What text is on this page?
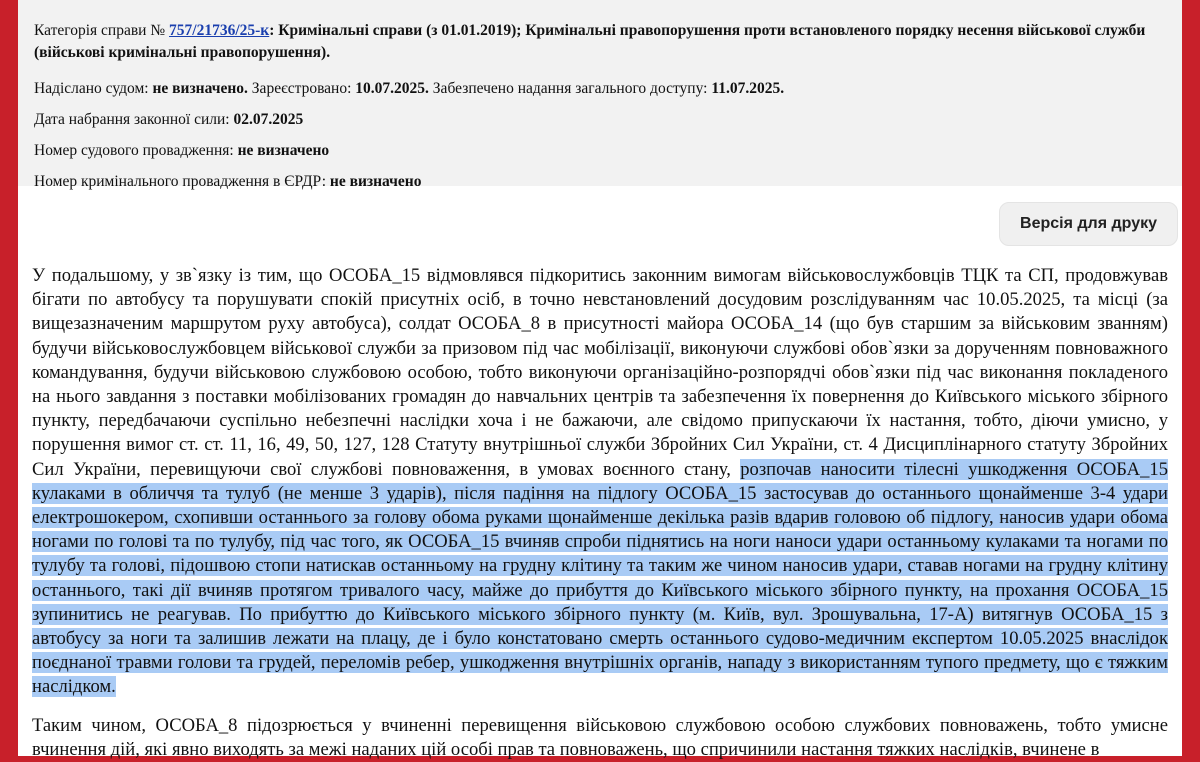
Категорія справи № 757/21736/25-к: Кримінальні справи (з 01.01.2019); Кримінальні правопорушення проти встановленого порядку несення військової служби (військові кримінальні правопорушення).

Надіслано судом: не визначено. Зареєстровано: 10.07.2025. Забезпечено надання загального доступу: 11.07.2025.

Дата набрання законної сили: 02.07.2025

Номер судового провадження: не визначено

Номер кримінального провадження в ЄРДР: не визначено

Версія для друку

У подальшому, у зв`язку із тим, що ОСОБА_15 відмовлявся підкоритись законним вимогам військовослужбовців ТЦК та СП, продовжував бігати по автобусу та порушувати спокій присутніх осіб, в точно невстановлений досудовим розслідуванням час 10.05.2025, та місці (за вищезазначеним маршрутом руху автобуса), солдат ОСОБА_8 в присутності майора ОСОБА_14 (що був старшим за військовим званням) будучи військовослужбовцем військової служби за призовом під час мобілізації, виконуючи службові обов`язки за дорученням повноважного командування, будучи військовою службовою особою, тобто виконуючи організаційно-розпорядчі обов`язки під час виконання покладеного на нього завдання з поставки мобілізованих громадян до навчальних центрів та забезпечення їх повернення до Київського міського збірного пункту, передбачаючи суспільно небезпечні наслідки хоча і не бажаючи, але свідомо припускаючи їх настання, тобто, діючи умисно, у порушення вимог ст. ст. 11, 16, 49, 50, 127, 128 Статуту внутрішньої служби Збройних Сил України, ст. 4 Дисциплінарного статуту Збройних Сил України, перевищуючи свої службові повноваження, в умовах воєнного стану, розпочав наносити тілесні ушкодження ОСОБА_15 кулаками в обличчя та тулуб (не менше 3 ударів), після падіння на підлогу ОСОБА_15 застосував до останнього щонайменше 3-4 удари електрошокером, схопивши останнього за голову обома руками щонайменше декілька разів вдарив головою об підлогу, наносив удари обома ногами по голові та по тулубу, під час того, як ОСОБА_15 вчиняв спроби піднятись на ноги наноси удари останньому кулаками та ногами по тулубу та голові, підошвою стопи натискав останньому на грудну клітину та таким же чином наносив удари, ставав ногами на грудну клітину останнього, такі дії вчиняв протягом тривалого часу, майже до прибуття до Київського міського збірного пункту, на прохання ОСОБА_15 зупинитись не реагував. По прибуттю до Київського міського збірного пункту (м. Київ, вул. Зрошувальна, 17-А) витягнув ОСОБА_15 з автобусу за ноги та залишив лежати на плацу, де і було констатовано смерть останнього судово-медичним експертом 10.05.2025 внаслідок поєднаної травми голови та грудей, переломів ребер, ушкодження внутрішніх органів, нападу з використанням тупого предмету, що є тяжким наслідком.

Таким чином, ОСОБА_8 підозрюється у вчиненні перевищення військовою службовою особою службових повноважень, тобто умисне вчинення дій, які явно виходять за межі наданих цій особі прав та повноважень, що спричинили настання тяжких наслідків, вчинене в
